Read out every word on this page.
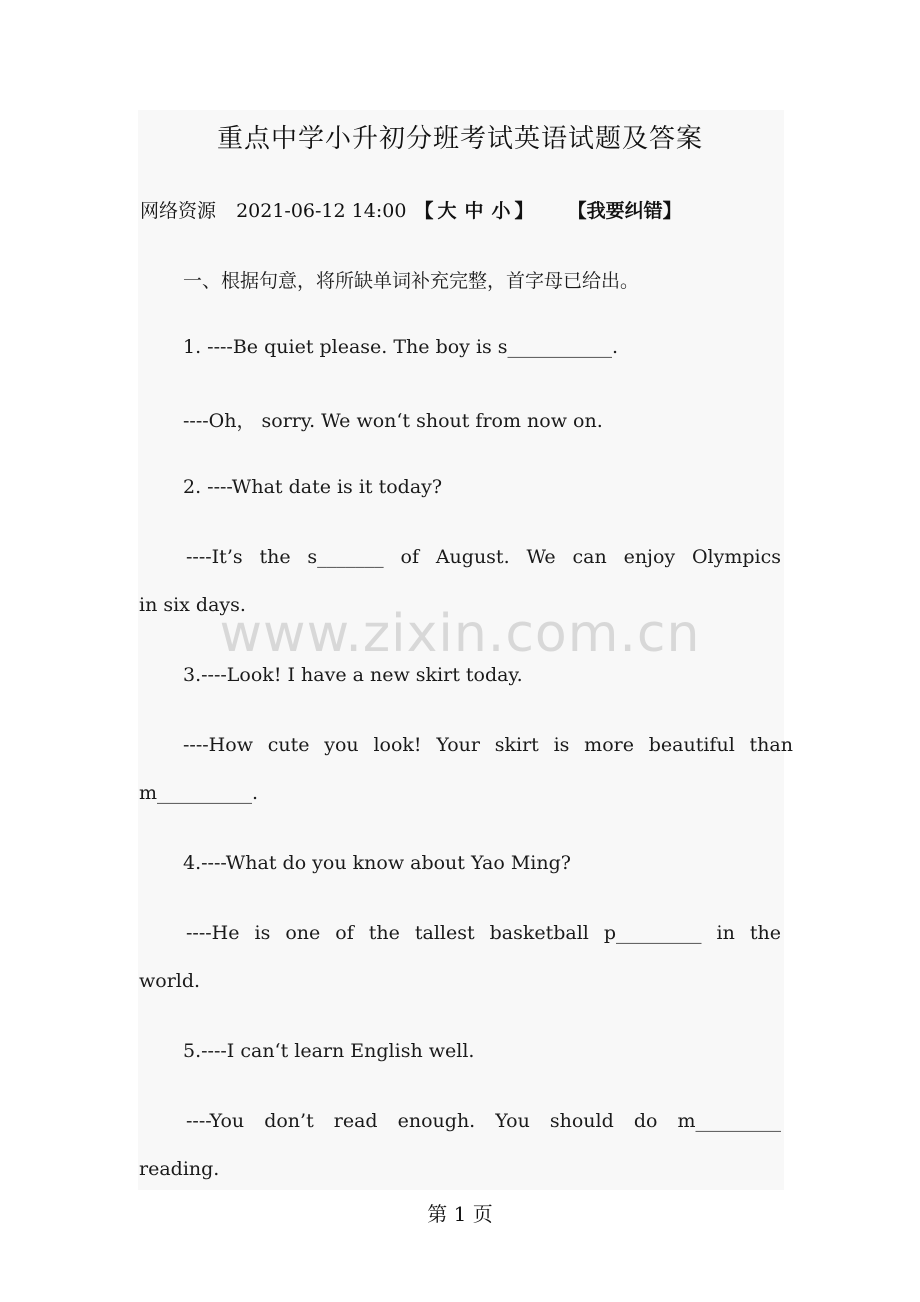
重点中学小升初分班考试英语试题及答案
网络资源 2021-06-12 14:00 【 大 中 小 】 【我要纠错】
一、根据句意，将所缺单词补充完整，首字母已给出。
1. ----Be quiet please. The boy is s___________.
----Oh， sorry. We won‘t shout from now on.
2. ----What date is it today?
----It’s the s_______ of August. We can enjoy Olympics
in six days.
3.----Look! I have a new skirt today.
----How cute you look! Your skirt is more beautiful than
m__________.
4.----What do you know about Yao Ming?
----He is one of the tallest basketball p_________ in the
world.
5.----I can‘t learn English well.
----You don’t read enough. You should do m_________
reading.
www.zixin.com.cn
第 1 页
